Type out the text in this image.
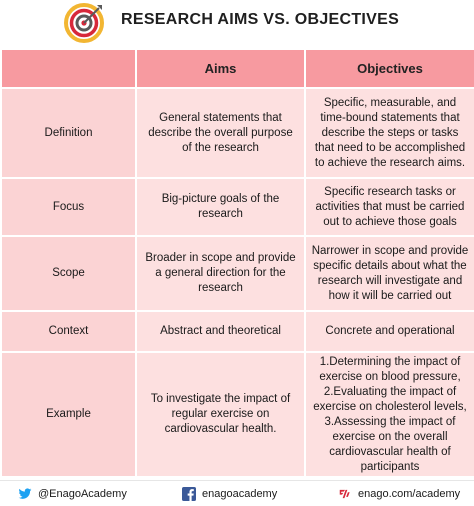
RESEARCH AIMS VS. OBJECTIVES
	Aims	Objectives
Definition	General statements that describe the overall purpose of the research	Specific, measurable, and time-bound statements that describe the steps or tasks that need to be accomplished to achieve the research aims.
Focus	Big-picture goals of the research	Specific research tasks or activities that must be carried out to achieve those goals
Scope	Broader in scope and provide a general direction for the research	Narrower in scope and provide specific details about what the research will investigate and how it will be carried out
Context	Abstract and theoretical	Concrete and operational
Example	To investigate the impact of regular exercise on cardiovascular health.	1.Determining the impact of exercise on blood pressure,
2.Evaluating the impact of exercise on cholesterol levels,
3.Assessing the impact of exercise on the overall cardiovascular health of participants
@EnagoAcademy	enagoacademy	enago.com/academy
